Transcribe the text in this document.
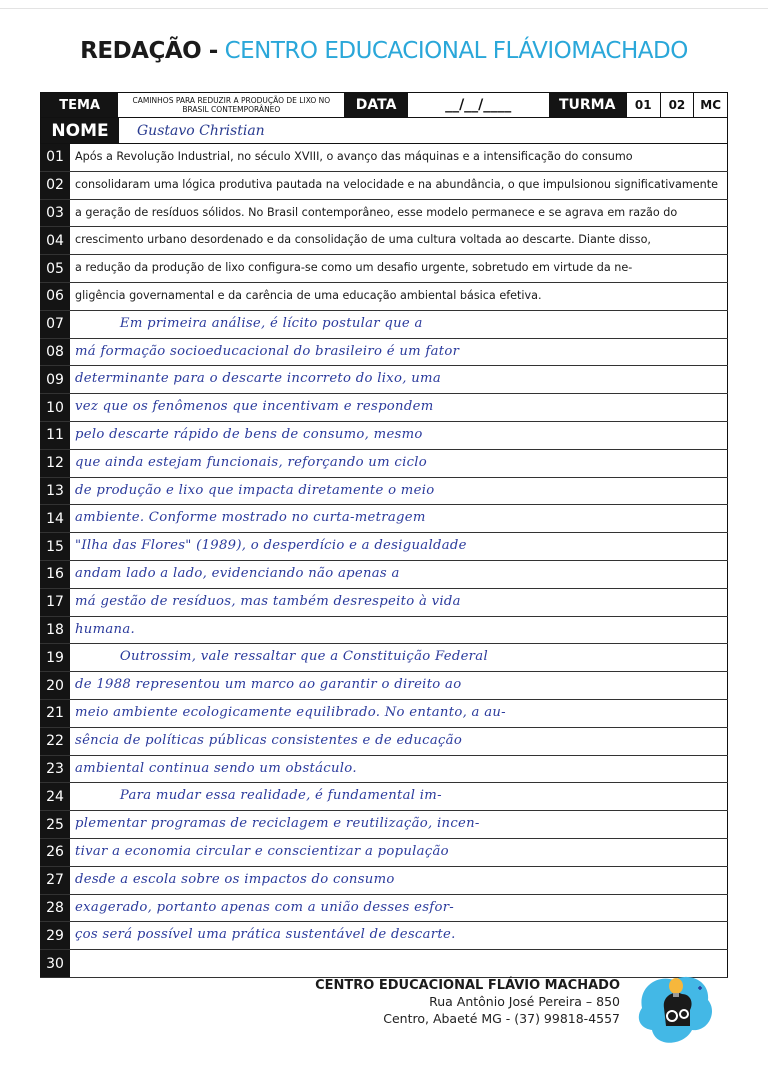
REDAÇÃO - CENTRO EDUCACIONAL FLÁVIOMACHADO
TEMA	CAMINHOS PARA REDUZIR A PRODUÇÃO DE LIXO NO BRASIL CONTEMPORÂNEO	DATA	__/__/____	TURMA	01	02	MC
NOME	Gustavo Christian
01 Após a Revolução Industrial, no século XVIII, o avanço das máquinas e a intensificação do consumo
02 consolidaram uma lógica produtiva pautada na velocidade e na abundância, o que impulsionou significativamente
03 a geração de resíduos sólidos. No Brasil contemporâneo, esse modelo permanece e se agrava em razão do
04 crescimento urbano desordenado e da consolidação de uma cultura voltada ao descarte. Diante disso,
05 a redução da produção de lixo configura-se como um desafio urgente, sobretudo em virtude da ne-
06 gligência governamental e da carência de uma educação ambiental básica efetiva.
07 Em primeira análise, é lícito postular que a
08 má formação socioeducacional do brasileiro é um fator
09 determinante para o descarte incorreto do lixo, uma
10 vez que os fenômenos que incentivam e respondem
11 pelo descarte rápido de bens de consumo, mesmo
12 que ainda estejam funcionais, reforçando um ciclo
13 de produção e lixo que impacta diretamente o meio
14 ambiente. Conforme mostrado no curta-metragem
15 "Ilha das Flores" (1989), o desperdício e a desigualdade
16 andam lado a lado, evidenciando não apenas a
17 má gestão de resíduos, mas também desrespeito à vida
18 humana.
19 Outrossim, vale ressaltar que a Constituição Federal
20 de 1988 representou um marco ao garantir o direito ao
21 meio ambiente ecologicamente equilibrado. No entanto, a au-
22 sência de políticas públicas consistentes e de educação
23 ambiental continua sendo um obstáculo.
24 Para mudar essa realidade, é fundamental im-
25 plementar programas de reciclagem e reutilização, incen-
26 tivar a economia circular e conscientizar a população
27 desde a escola sobre os impactos do consumo
28 exagerado, portanto apenas com a união desses esfor-
29 ços será possível uma prática sustentável de descarte.
30
CENTRO EDUCACIONAL FLÁVIO MACHADO
Rua Antônio José Pereira – 850
Centro, Abaeté MG - (37) 99818-4557
